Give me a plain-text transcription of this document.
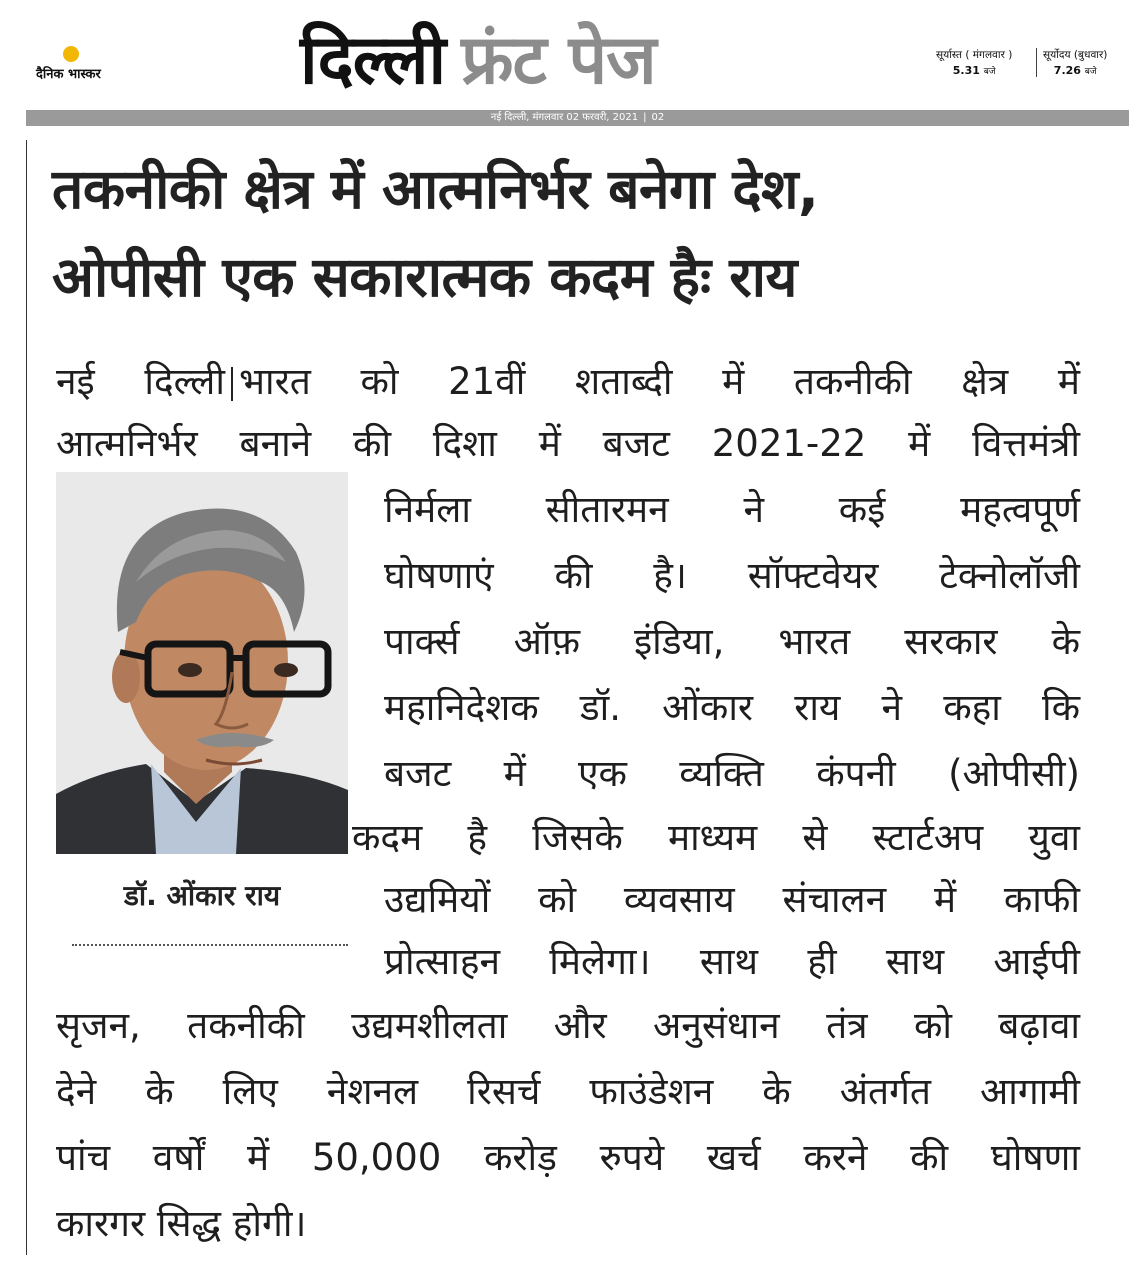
दैनिक भास्कर	दिल्ली फ्रंट पेज	सूर्यास्त ( मंगलवार )
5.31 बजे
सूर्योदय (बुधवार)
7.26 बजे
नई दिल्ली, मंगलवार 02 फरवरी, 2021 | 02
तकनीकी क्षेत्र में आत्मनिर्भर बनेगा देश,
ओपीसी एक सकारात्मक कदम हैः राय
नई दिल्ली भारत को 21वीं शताब्दी में तकनीकी क्षेत्र में
आत्मनिर्भर बनाने की दिशा में बजट 2021-22 में वित्तमंत्री
निर्मला सीतारमन ने कई महत्वपूर्ण
घोषणाएं की है। सॉफ्टवेयर टेक्नोलॉजी
पार्क्स ऑफ़ इंडिया, भारत सरकार के
महानिदेशक डॉ. ओंकार राय ने कहा कि
बजट में एक व्यक्ति कंपनी (ओपीसी)
कदम है जिसके माध्यम से स्टार्टअप युवा
उद्यमियों को व्यवसाय संचालन में काफी
प्रोत्साहन मिलेगा। साथ ही साथ आईपी
सृजन, तकनीकी उद्यमशीलता और अनुसंधान तंत्र को बढ़ावा
देने के लिए नेशनल रिसर्च फाउंडेशन के अंतर्गत आगामी
पांच वर्षों में 50,000 करोड़ रुपये खर्च करने की घोषणा
कारगर सिद्ध होगी।
डॉ. ओंकार राय
